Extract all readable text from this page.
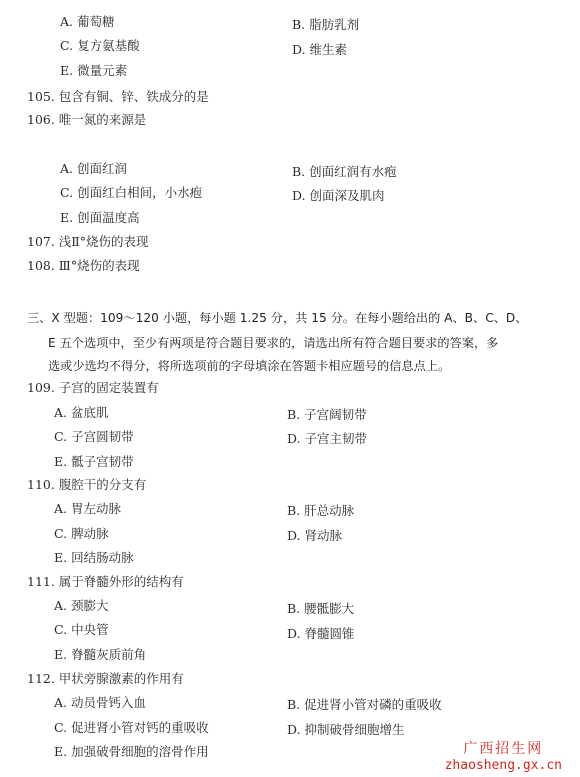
A. 葡萄糖	B. 脂肪乳剂
C. 复方氨基酸	D. 维生素
E. 微量元素
105. 包含有铜、锌、铁成分的是
106. 唯一氮的来源是
A. 创面红润	B. 创面红润有水疱
C. 创面红白相间，小水疱	D. 创面深及肌肉
E. 创面温度高
107. 浅Ⅱ°烧伤的表现
108. Ⅲ°烧伤的表现
三、X 型题：109～120 小题，每小题 1.25 分，共 15 分。在每小题给出的 A、B、C、D、
E 五个选项中，至少有两项是符合题目要求的，请选出所有符合题目要求的答案，多
选或少选均不得分，将所选项前的字母填涂在答题卡相应题号的信息点上。
109. 子宫的固定装置有
A. 盆底肌	B. 子宫阔韧带
C. 子宫圆韧带	D. 子宫主韧带
E. 骶子宫韧带
110. 腹腔干的分支有
A. 胃左动脉	B. 肝总动脉
C. 脾动脉	D. 肾动脉
E. 回结肠动脉
111. 属于脊髓外形的结构有
A. 颈膨大	B. 腰骶膨大
C. 中央管	D. 脊髓圆锥
E. 脊髓灰质前角
112. 甲状旁腺激素的作用有
A. 动员骨钙入血	B. 促进肾小管对磷的重吸收
C. 促进肾小管对钙的重吸收	D. 抑制破骨细胞增生
E. 加强破骨细胞的溶骨作用	广西招生网
zhaosheng.gx.cn
